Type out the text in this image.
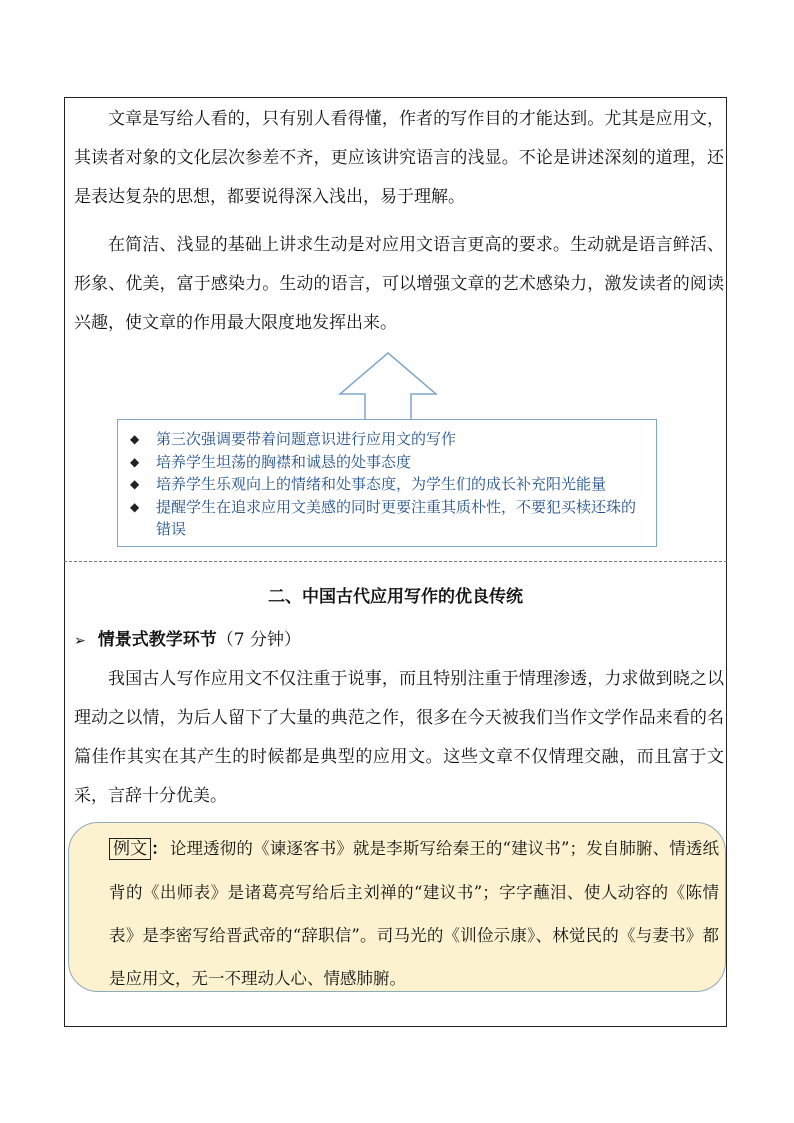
文章是写给人看的，只有别人看得懂，作者的写作目的才能达到。尤其是应用文，其读者对象的文化层次参差不齐，更应该讲究语言的浅显。不论是讲述深刻的道理，还是表达复杂的思想，都要说得深入浅出，易于理解。

在简洁、浅显的基础上讲求生动是对应用文语言更高的要求。生动就是语言鲜活、形象、优美，富于感染力。生动的语言，可以增强文章的艺术感染力，激发读者的阅读兴趣，使文章的作用最大限度地发挥出来。

◆ 第三次强调要带着问题意识进行应用文的写作
◆ 培养学生坦荡的胸襟和诚恳的处事态度
◆ 培养学生乐观向上的情绪和处事态度，为学生们的成长补充阳光能量
◆ 提醒学生在追求应用文美感的同时更要注重其质朴性，不要犯买椟还珠的错误
二、中国古代应用写作的优良传统
➢ 情景式教学环节（7 分钟）

我国古人写作应用文不仅注重于说事，而且特别注重于情理渗透，力求做到晓之以理动之以情，为后人留下了大量的典范之作，很多在今天被我们当作文学作品来看的名篇佳作其实在其产生的时候都是典型的应用文。这些文章不仅情理交融，而且富于文采，言辞十分优美。

例文 ： 论理透彻的《谏逐客书》就是李斯写给秦王的“建议书”；发自肺腑、情透纸背的《出师表》是诸葛亮写给后主刘禅的“建议书”；字字蘸泪、使人动容的《陈情表》是李密写给晋武帝的“辞职信”。司马光的《训俭示康》、林觉民的《与妻书》都是应用文，无一不理动人心、情感肺腑。
